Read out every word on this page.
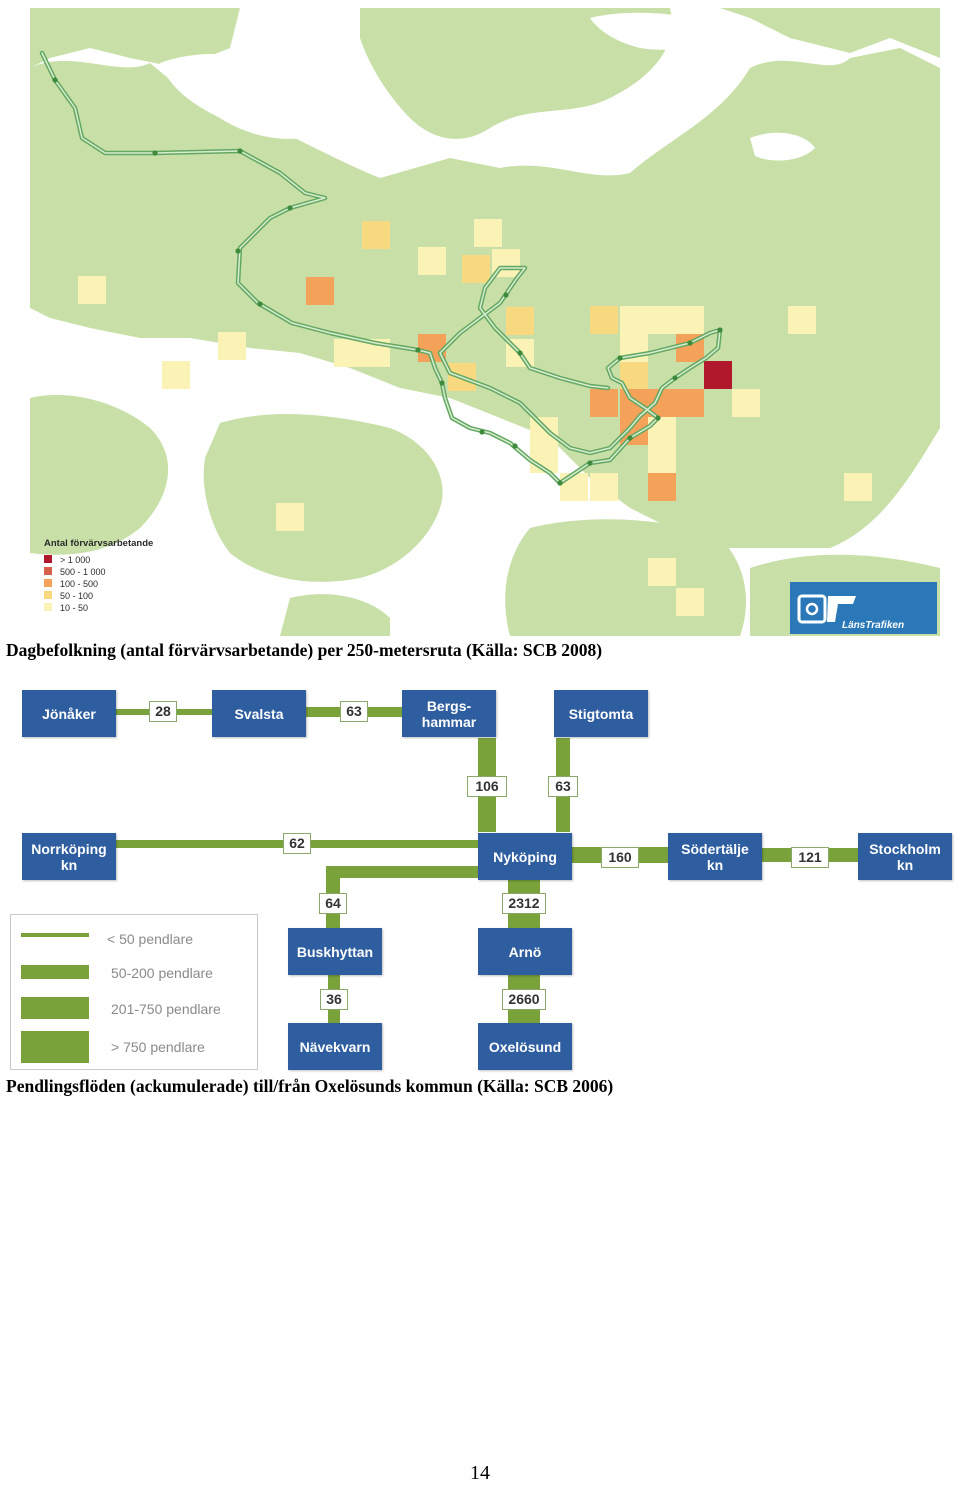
Antal förvärvsarbetande
> 1 000
500 - 1 000
100 - 500
50 - 100
10 - 50
LänsTrafiken
Dagbefolkning (antal förvärvsarbetande) per 250-metersruta (Källa: SCB 2008)
Jönåker	Svalsta	Bergs-
hammar	Stigtomta
Norrköping
kn	Nyköping	Södertälje
kn
Stockholm
kn
Buskhyttan	Arnö
Nävekvarn	Oxelösund
28	63
106	63
62
160	121
64	2312
36	2660
< 50 pendlare
50-200 pendlare
201-750 pendlare
> 750 pendlare
Pendlingsflöden (ackumulerade) till/från Oxelösunds kommun (Källa: SCB 2006)
14
